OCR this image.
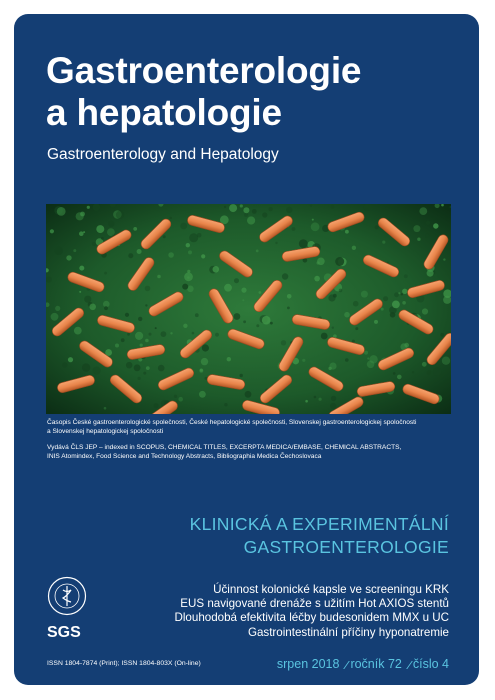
Gastroenterologie
a hepatologie
Gastroenterology and Hepatology
Časopis České gastroenterologické společnosti, České hepatologické společnosti, Slovenskej gastroenterologickej spoločnosti
a Slovenskej hepatologickej spoločnosti
Vydává ČLS JEP – indexed in SCOPUS, CHEMICAL TITLES, EXCERPTA MEDICA/EMBASE, CHEMICAL ABSTRACTS,
INIS Atomindex, Food Science and Technology Abstracts, Bibliographia Medica Čechoslovaca
KLINICKÁ A EXPERIMENTÁLNÍ
GASTROENTEROLOGIE
SGS
Účinnost kolonické kapsle ve screeningu KRK
EUS navigované drenáže s užitím Hot AXIOS stentů
Dlouhodobá efektivita léčby budesonidem MMX u UC
Gastrointestinální příčiny hyponatremie
ISSN 1804-7874 (Print); ISSN 1804-803X (On-line)	srpen 2018 ročník 72 číslo 4
